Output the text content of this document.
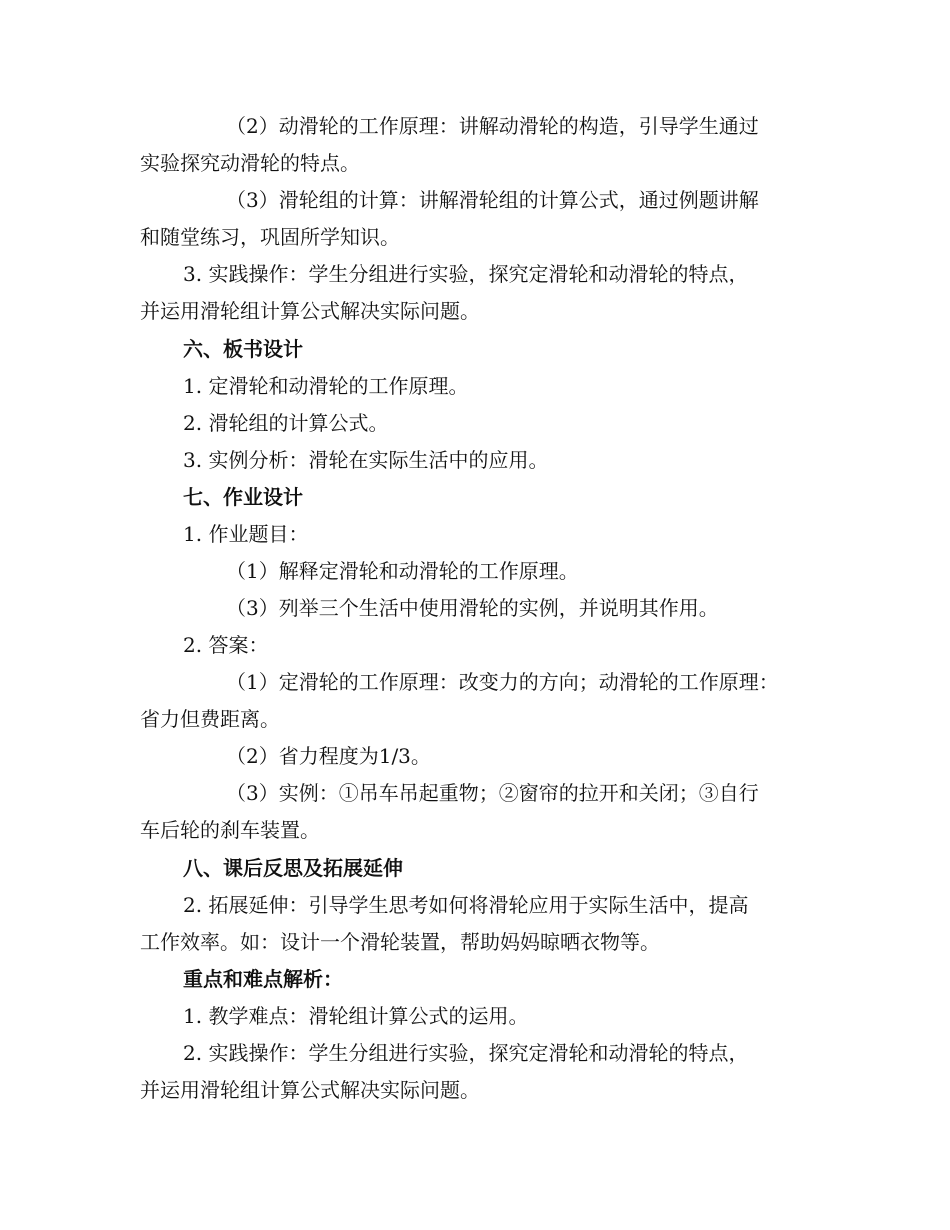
（2）动滑轮的工作原理：讲解动滑轮的构造，引导学生通过
实验探究动滑轮的特点。
（3）滑轮组的计算：讲解滑轮组的计算公式，通过例题讲解
和随堂练习，巩固所学知识。
3. 实践操作：学生分组进行实验，探究定滑轮和动滑轮的特点，
并运用滑轮组计算公式解决实际问题。
六、板书设计
1. 定滑轮和动滑轮的工作原理。
2. 滑轮组的计算公式。
3. 实例分析：滑轮在实际生活中的应用。
七、作业设计
1. 作业题目：
（1）解释定滑轮和动滑轮的工作原理。
（3）列举三个生活中使用滑轮的实例，并说明其作用。
2. 答案：
（1）定滑轮的工作原理：改变力的方向；动滑轮的工作原理：
省力但费距离。
（2）省力程度为1/3。
（3）实例：①吊车吊起重物；②窗帘的拉开和关闭；③自行
车后轮的刹车装置。
八、课后反思及拓展延伸
2. 拓展延伸：引导学生思考如何将滑轮应用于实际生活中，提高
工作效率。如：设计一个滑轮装置，帮助妈妈晾晒衣物等。
重点和难点解析：
1. 教学难点：滑轮组计算公式的运用。
2. 实践操作：学生分组进行实验，探究定滑轮和动滑轮的特点，
并运用滑轮组计算公式解决实际问题。
